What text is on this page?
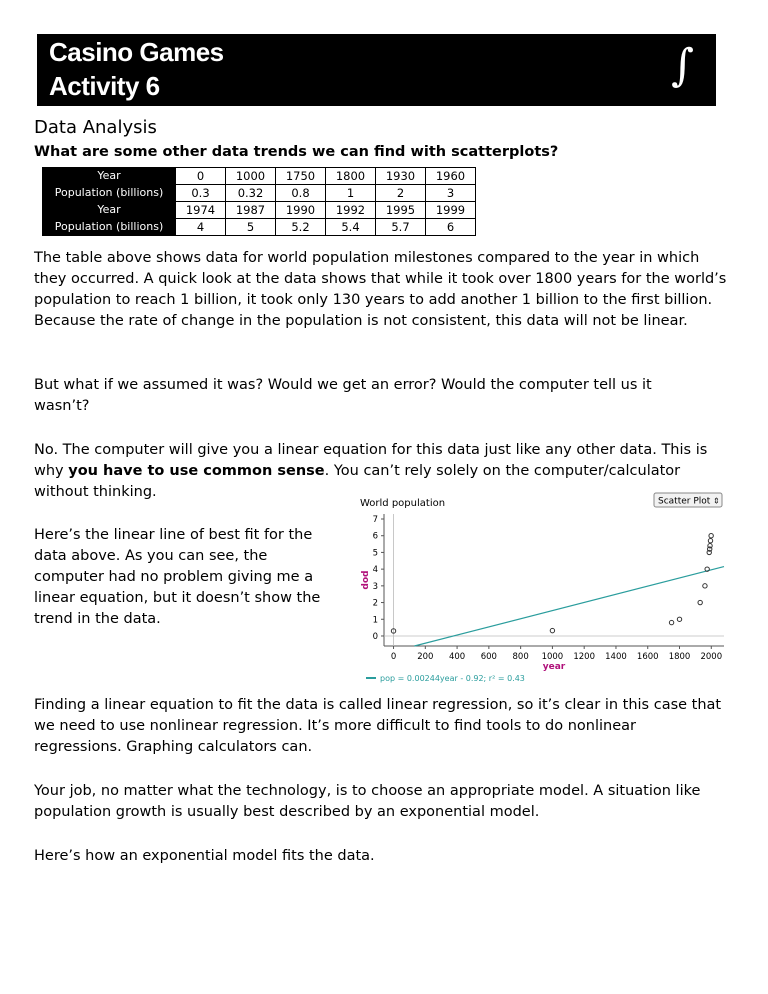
Casino Games
Activity 6	∫
Data Analysis
What are some other data trends we can find with scatterplots?
Year	0	1000	1750	1800	1930	1960
Population (billions)	0.3	0.32	0.8	1	2	3
Year	1974	1987	1990	1992	1995	1999
Population (billions)	4	5	5.2	5.4	5.7	6

The table above shows data for world population milestones compared to the year in which they occurred. A quick look at the data shows that while it took over 1800 years for the world’s population to reach 1 billion, it took only 130 years to add another 1 billion to the first billion. Because the rate of change in the population is not consistent, this data will not be linear.

But what if we assumed it was? Would we get an error? Would the computer tell us it wasn’t?

No. The computer will give you a linear equation for this data just like any other data. This is why you have to use common sense. You can’t rely solely on the computer/calculator without thinking.

Here’s the linear line of best fit for the data above. As you can see, the computer had no problem giving me a linear equation, but it doesn’t show the trend in the data.

Finding a linear equation to fit the data is called linear regression, so it’s clear in this case that we need to use nonlinear regression. It’s more difficult to find tools to do nonlinear regressions. Graphing calculators can.

Your job, no matter what the technology, is to choose an appropriate model. A situation like population growth is usually best described by an exponential model.

Here’s how an exponential model fits the data.

World population	Scatter Plot ⇕
0 200 400 600 800 1000 1200 1400 1600 1800 2000
0
1
2
3
4
5
6
7
year
pop
pop = 0.00244year - 0.92; r² = 0.43
